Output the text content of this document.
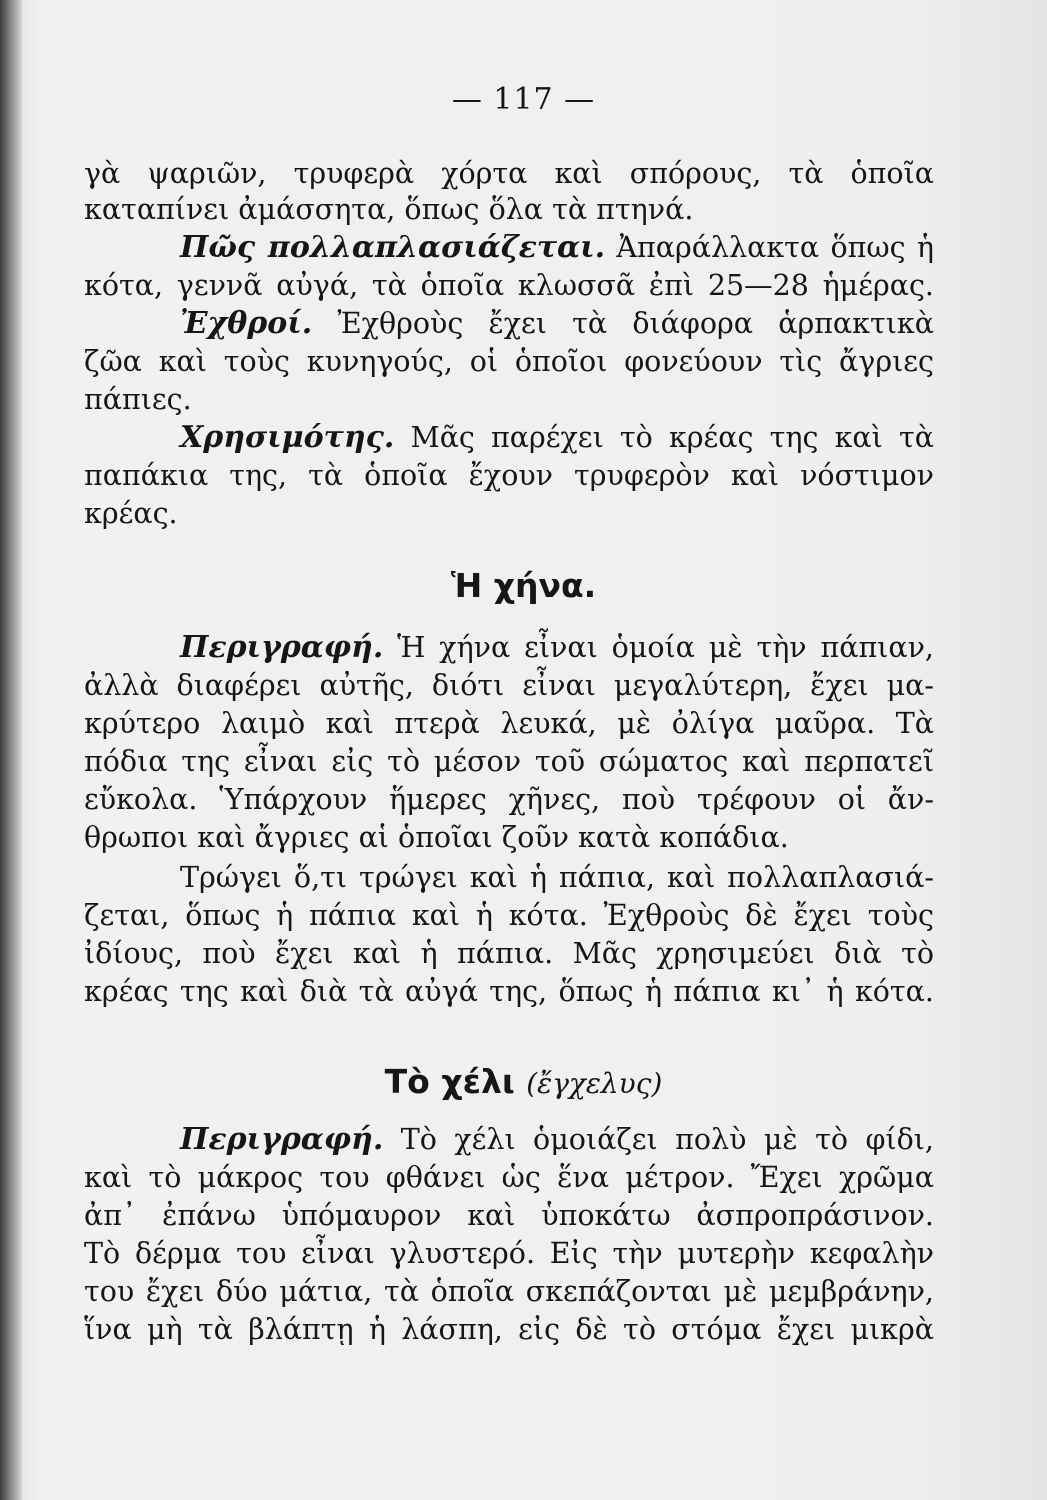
— 117 —
γὰ ψαριῶν, τρυφερὰ χόρτα καὶ σπόρους, τὰ ὁποῖα
καταπίνει ἀμάσσητα, ὅπως ὅλα τὰ πτηνά.
Πῶς πολλαπλασιάζεται. Ἀπαράλλακτα ὅπως ἡ
κότα, γεννᾶ αὐγά, τὰ ὁποῖα κλωσσᾶ ἐπὶ 25—28 ἡμέρας.
Ἐχθροί. Ἐχθροὺς ἔχει τὰ διάφορα ἁρπακτικὰ
ζῶα καὶ τοὺς κυνηγούς, οἱ ὁποῖοι φονεύουν τὶς ἄγριες
πάπιες.
Χρησιμότης. Μᾶς παρέχει τὸ κρέας της καὶ τὰ
παπάκια της, τὰ ὁποῖα ἔχουν τρυφερὸν καὶ νόστιμον
κρέας.
Ἡ χήνα.
Περιγραφή. Ἡ χήνα εἶναι ὁμοία μὲ τὴν πάπιαν,
ἀλλὰ διαφέρει αὐτῆς, διότι εἶναι μεγαλύτερη, ἔχει μα-
κρύτερο λαιμὸ καὶ πτερὰ λευκά, μὲ ὀλίγα μαῦρα. Τὰ
πόδια της εἶναι εἰς τὸ μέσον τοῦ σώματος καὶ περπατεῖ
εὔκολα. Ὑπάρχουν ἥμερες χῆνες, ποὺ τρέφουν οἱ ἄν-
θρωποι καὶ ἄγριες αἱ ὁποῖαι ζοῦν κατὰ κοπάδια.
Τρώγει ὅ,τι τρώγει καὶ ἡ πάπια, καὶ πολλαπλασιά-
ζεται, ὅπως ἡ πάπια καὶ ἡ κότα. Ἐχθροὺς δὲ ἔχει τοὺς
ἰδίους, ποὺ ἔχει καὶ ἡ πάπια. Μᾶς χρησιμεύει διὰ τὸ
κρέας της καὶ διὰ τὰ αὐγά της, ὅπως ἡ πάπια κι᾿ ἡ κότα.
Τὸ χέλι (ἔγχελυς)
Περιγραφή. Τὸ χέλι ὁμοιάζει πολὺ μὲ τὸ φίδι,
καὶ τὸ μάκρος του φθάνει ὡς ἕνα μέτρον. Ἔχει χρῶμα
ἀπ᾿ ἐπάνω ὑπόμαυρον καὶ ὑποκάτω ἀσπροπράσινον.
Τὸ δέρμα του εἶναι γλυστερό. Εἰς τὴν μυτερὴν κεφαλὴν
του ἔχει δύο μάτια, τὰ ὁποῖα σκεπάζονται μὲ μεμβράνην,
ἵνα μὴ τὰ βλάπτῃ ἡ λάσπη, εἰς δὲ τὸ στόμα ἔχει μικρὰ
